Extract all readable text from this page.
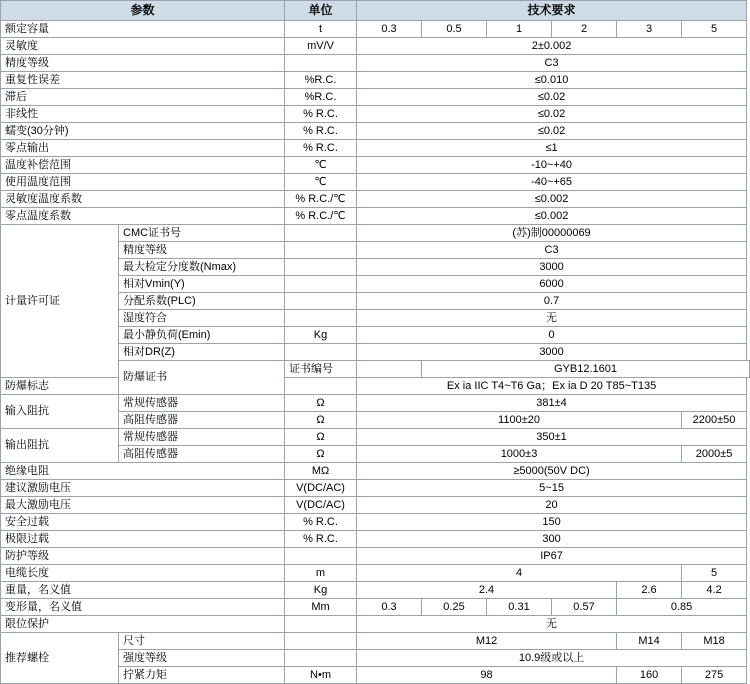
参数		单位	技术要求					
额定容量		t	0.3	0.5	1	2	3	5
灵敏度		mV/V	2±0.002					
精度等级			C3					
重复性误差		%R.C.	≤0.010					
滞后		%R.C.	≤0.02					
非线性		% R.C.	≤0.02					
蠕变(30分钟)		% R.C.	≤0.02					
零点输出		% R.C.	≤1					
温度补偿范围		℃	-10~+40					
使用温度范围		℃	-40~+65					
灵敏度温度系数		% R.C./℃	≤0.002					
零点温度系数		% R.C./℃	≤0.002					
计量许可证	CMC证书号		(苏)制00000069					
	精度等级		C3					
	最大检定分度数(Nmax)		3000					
	相对Vmin(Y)		6000					
	分配系数(PLC)		0.7					
	湿度符合		无					
	最小静负荷(Emin)	Kg	0					
	相对DR(Z)		3000					
	防爆证书	证书编号		GYB12.1601				
防爆标志			Ex ia IIC T4~T6 Ga；Ex ia D 20 T85~T135					
输入阻抗	常规传感器	Ω	381±4					
	高阻传感器	Ω	1100±20					2200±50
输出阻抗	常规传感器	Ω	350±1					
	高阻传感器	Ω	1000±3					2000±5
绝缘电阻		MΩ	≥5000(50V DC)					
建议激励电压		V(DC/AC)	5~15					
最大激励电压		V(DC/AC)	20					
安全过载		% R.C.	150					
极限过载		% R.C.	300					
防护等级			IP67					
电缆长度		m	4					5
重量，名义值		Kg	2.4				2.6	4.2
变形量，名义值		Mm	0.3	0.25	0.31	0.57	0.85	
限位保护			无					
推荐螺栓	尺寸		M12				M14	M18
	强度等级		10.9级或以上					
	拧紧力矩	N•m	98				160	275
